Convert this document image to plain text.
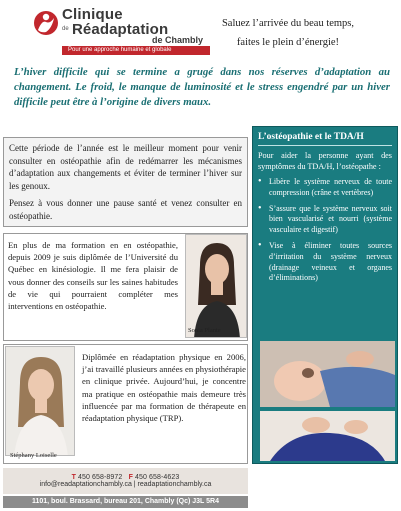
Clinique
de Réadaptation
de Chambly
Pour une approche humaine et globale
Saluez l’arrivée du beau temps,
faites le plein d’énergie!
L’hiver difficile qui se termine a grugé dans nos réserves d’adaptation au changement. Le froid, le manque de luminosité et le stress engendré par un hiver difficile peut être à l’origine de divers maux.

Cette période de l’année est le meilleur moment pour venir consulter en ostéopathie afin de redémarrer les mécanismes d’adaptation aux changements et éviter de terminer l’hiver sur les genoux.

Pensez à vous donner une pause santé et venez consulter en ostéopathie.

En plus de ma formation en en ostéopathie, depuis 2009 je suis diplômée de l’Université du Québec en kinésiologie. Il me fera plaisir de vous donner des conseils sur les saines habitudes de vie qui pourraient compléter mes interventions en ostéopathie.
Sonia Plante
Stéphany Loiselle
Diplômée en réadaptation physique en 2006, j’ai travaillé plusieurs années en physiothérapie en clinique privée. Aujourd’hui, je concentre ma pratique en ostéopathie mais demeure très influencée par ma formation de thérapeute en réadaptation physique (TRP).
L’ostéopathie et le TDA/H

Pour aider la personne ayant des symptômes du TDA/H, l’ostéopathe :

• Libère le système nerveux de toute compression (crâne et vertèbres)
• S’assure que le système nerveux soit bien vascularisé et nourri (système vasculaire et digestif)
• Vise à éliminer toutes sources d’irritation du système nerveux (drainage veineux et organes d’éliminations)
T 450 658-8972 F 450 658-4623
info@readaptationchambly.ca | readaptationchambly.ca
1101, boul. Brassard, bureau 201, Chambly (Qc) J3L 5R4
